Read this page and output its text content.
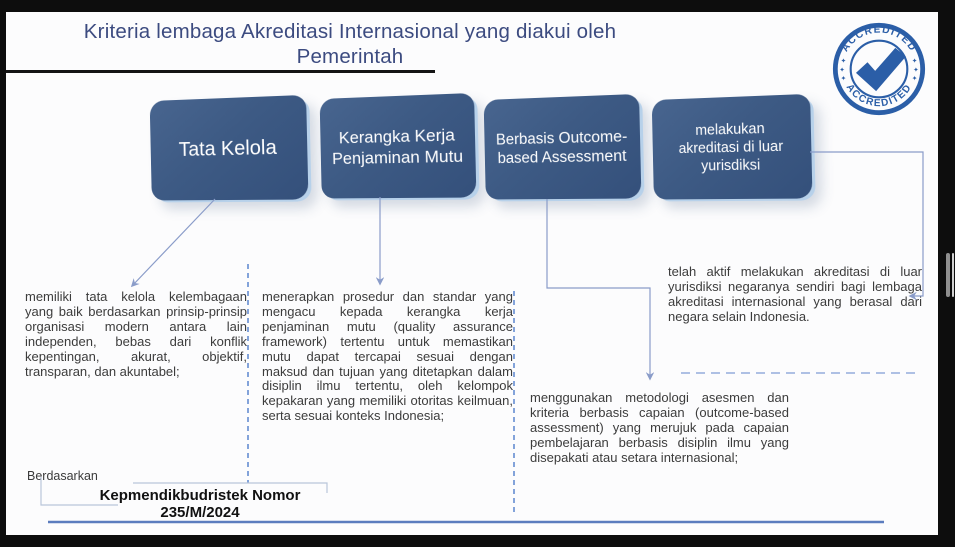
Kriteria lembaga Akreditasi Internasional yang diakui oleh Pemerintah	ACCREDITED
ACCREDITED
✦
✦
✦
✦
✦
✦
Tata Kelola
Kerangka Kerja Penjaminan Mutu
Berbasis Outcome-based Assessment
melakukan akreditasi di luar yurisdiksi
memiliki tata kelola kelembagaan yang baik berdasarkan prinsip-prinsip organisasi modern antara lain independen, bebas dari konflik kepentingan, akurat, objektif, transparan, dan akuntabel;
menerapkan prosedur dan standar yang mengacu kepada kerangka kerja penjaminan mutu (quality assurance framework) tertentu untuk memastikan mutu dapat tercapai sesuai dengan maksud dan tujuan yang ditetapkan dalam disiplin ilmu tertentu, oleh kelompok kepakaran yang memiliki otoritas keilmuan, serta sesuai konteks Indonesia;
menggunakan metodologi asesmen dan kriteria berbasis capaian (outcome-based assessment) yang merujuk pada capaian pembelajaran berbasis disiplin ilmu yang disepakati atau setara internasional;
telah aktif melakukan akreditasi di luar yurisdiksi negaranya sendiri bagi lembaga akreditasi internasional yang berasal dari negara selain Indonesia.
Berdasarkan
Kepmendikbudristek Nomor 235/M/2024
